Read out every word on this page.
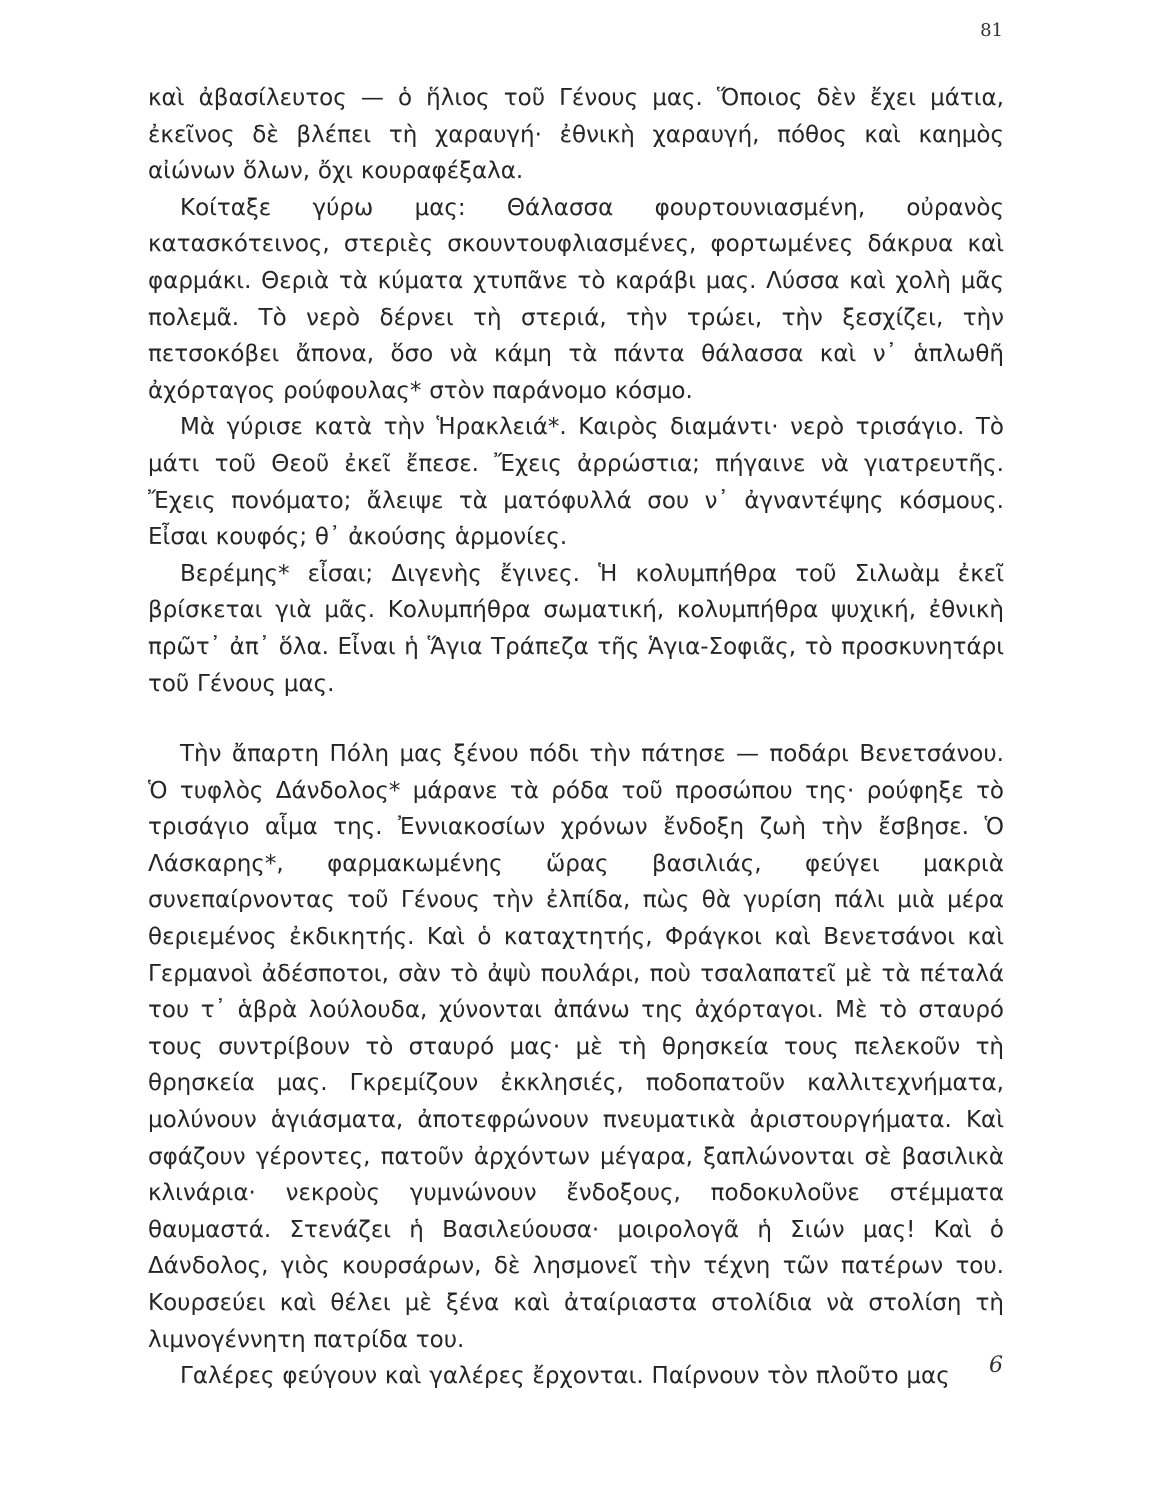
81

καὶ ἀβασίλευτος — ὁ ἥλιος τοῦ Γένους μας. Ὅποιος δὲν ἔχει μάτια, ἐκεῖνος δὲ βλέπει τὴ χαραυγή· ἐθνικὴ χαραυγή, πόθος καὶ καημὸς αἰώνων ὅλων, ὄχι κουραφέξαλα.

Κοίταξε γύρω μας: Θάλασσα φουρτουνιασμένη, οὐρανὸς κατασκότεινος, στεριὲς σκουντουφλιασμένες, φορτωμένες δάκρυα καὶ φαρμάκι. Θεριὰ τὰ κύματα χτυπᾶνε τὸ καράβι μας. Λύσσα καὶ χολὴ μᾶς πολεμᾶ. Τὸ νερὸ δέρνει τὴ στεριά, τὴν τρώει, τὴν ξεσχίζει, τὴν πετσοκόβει ἄπονα, ὅσο νὰ κάμη τὰ πάντα θάλασσα καὶ ν᾿ ἁπλωθῆ ἀχόρταγος ρούφουλας* στὸν παράνομο κόσμο.

Μὰ γύρισε κατὰ τὴν Ἡρακλειά*. Καιρὸς διαμάντι· νερὸ τρισάγιο. Τὸ μάτι τοῦ Θεοῦ ἐκεῖ ἔπεσε. Ἔχεις ἀρρώστια; πήγαινε νὰ γιατρευτῆς. Ἔχεις πονόματο; ἄλειψε τὰ ματόφυλλά σου ν᾿ ἀγναντέψης κόσμους. Εἶσαι κουφός; θ᾿ ἀκούσης ἁρμονίες.

Βερέμης* εἶσαι; Διγενὴς ἔγινες. Ἡ κολυμπήθρα τοῦ Σιλωὰμ ἐκεῖ βρίσκεται γιὰ μᾶς. Κολυμπήθρα σωματική, κολυμπήθρα ψυχική, ἐθνικὴ πρῶτ᾿ ἀπ᾿ ὅλα. Εἶναι ἡ Ἅγια Τράπεζα τῆς Ἁγια-Σοφιᾶς, τὸ προσκυνητάρι τοῦ Γένους μας.

Τὴν ἄπαρτη Πόλη μας ξένου πόδι τὴν πάτησε — ποδάρι Βενετσάνου. Ὁ τυφλὸς Δάνδολος* μάρανε τὰ ρόδα τοῦ προσώπου της· ρούφηξε τὸ τρισάγιο αἷμα της. Ἐννιακοσίων χρόνων ἔνδοξη ζωὴ τὴν ἔσβησε. Ὁ Λάσκαρης*, φαρμακωμένης ὥρας βασιλιάς, φεύγει μακριὰ συνεπαίρνοντας τοῦ Γένους τὴν ἐλπίδα, πὼς θὰ γυρίση πάλι μιὰ μέρα θεριεμένος ἐκδικητής. Καὶ ὁ καταχτητής, Φράγκοι καὶ Βενετσάνοι καὶ Γερμανοὶ ἀδέσποτοι, σὰν τὸ ἀψὺ πουλάρι, ποὺ τσαλαπατεῖ μὲ τὰ πέταλά του τ᾿ ἁβρὰ λούλουδα, χύνονται ἀπάνω της ἀχόρταγοι. Μὲ τὸ σταυρό τους συντρίβουν τὸ σταυρό μας· μὲ τὴ θρησκεία τους πελεκοῦν τὴ θρησκεία μας. Γκρεμίζουν ἐκκλησιές, ποδοπατοῦν καλλιτεχνήματα, μολύνουν ἁγιάσματα, ἀποτεφρώνουν πνευματικὰ ἀριστουργήματα. Καὶ σφάζουν γέροντες, πατοῦν ἀρχόντων μέγαρα, ξαπλώνονται σὲ βασιλικὰ κλινάρια· νεκροὺς γυμνώνουν ἔνδοξους, ποδοκυλοῦνε στέμματα θαυμαστά. Στενάζει ἡ Βασιλεύουσα· μοιρολογᾶ ἡ Σιών μας! Καὶ ὁ Δάνδολος, γιὸς κουρσάρων, δὲ λησμονεῖ τὴν τέχνη τῶν πατέρων του. Κουρσεύει καὶ θέλει μὲ ξένα καὶ ἀταίριαστα στολίδια νὰ στολίση τὴ λιμνογέννητη πατρίδα του.

Γαλέρες φεύγουν καὶ γαλέρες ἔρχονται. Παίρνουν τὸν πλοῦτο μας	6
